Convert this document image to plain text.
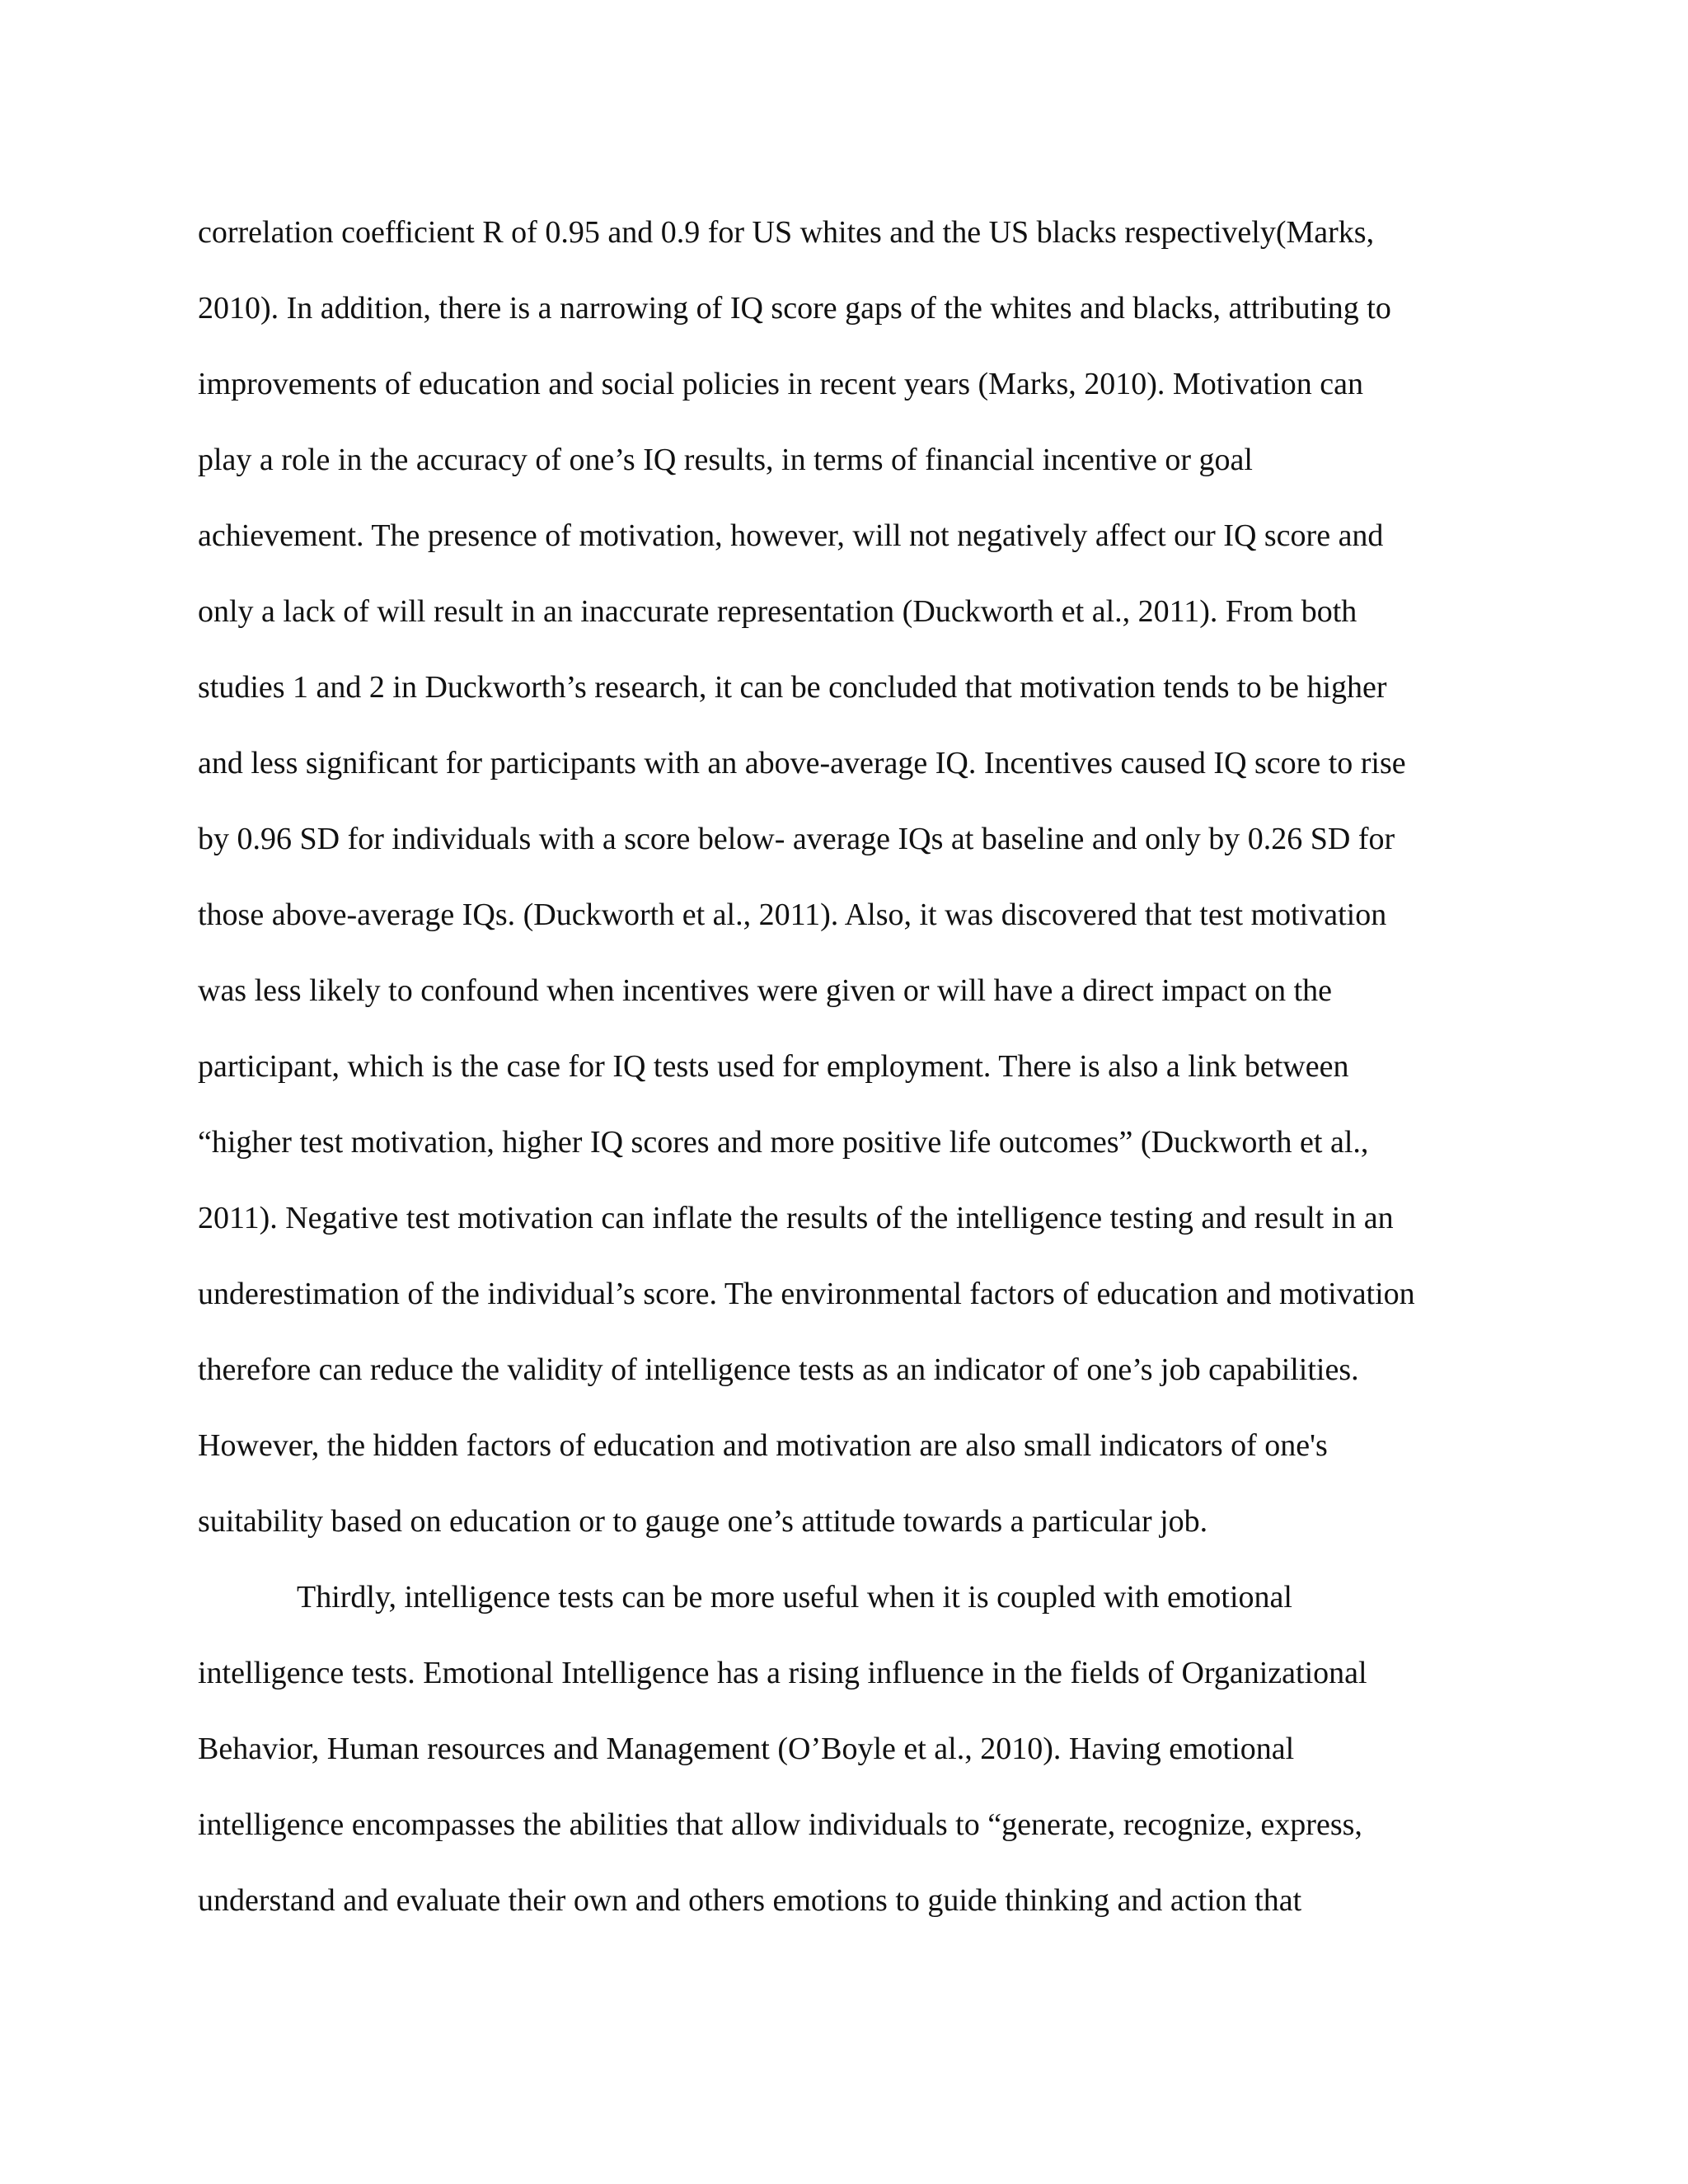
correlation coefficient R of 0.95 and 0.9 for US whites and the US blacks respectively(Marks,
2010). In addition, there is a narrowing of IQ score gaps of the whites and blacks, attributing to
improvements of education and social policies in recent years (Marks, 2010). Motivation can
play a role in the accuracy of one’s IQ results, in terms of financial incentive or goal
achievement. The presence of motivation, however, will not negatively affect our IQ score and
only a lack of will result in an inaccurate representation (Duckworth et al., 2011). From both
studies 1 and 2 in Duckworth’s research, it can be concluded that motivation tends to be higher
and less significant for participants with an above-average IQ. Incentives caused IQ score to rise
by 0.96 SD for individuals with a score below- average IQs at baseline and only by 0.26 SD for
those above-average IQs. (Duckworth et al., 2011). Also, it was discovered that test motivation
was less likely to confound when incentives were given or will have a direct impact on the
participant, which is the case for IQ tests used for employment. There is also a link between
“higher test motivation, higher IQ scores and more positive life outcomes” (Duckworth et al.,
2011). Negative test motivation can inflate the results of the intelligence testing and result in an
underestimation of the individual’s score. The environmental factors of education and motivation
therefore can reduce the validity of intelligence tests as an indicator of one’s job capabilities.
However, the hidden factors of education and motivation are also small indicators of one's
suitability based on education or to gauge one’s attitude towards a particular job.
Thirdly, intelligence tests can be more useful when it is coupled with emotional
intelligence tests. Emotional Intelligence has a rising influence in the fields of Organizational
Behavior, Human resources and Management (O’Boyle et al., 2010). Having emotional
intelligence encompasses the abilities that allow individuals to “generate, recognize, express,
understand and evaluate their own and others emotions to guide thinking and action that
